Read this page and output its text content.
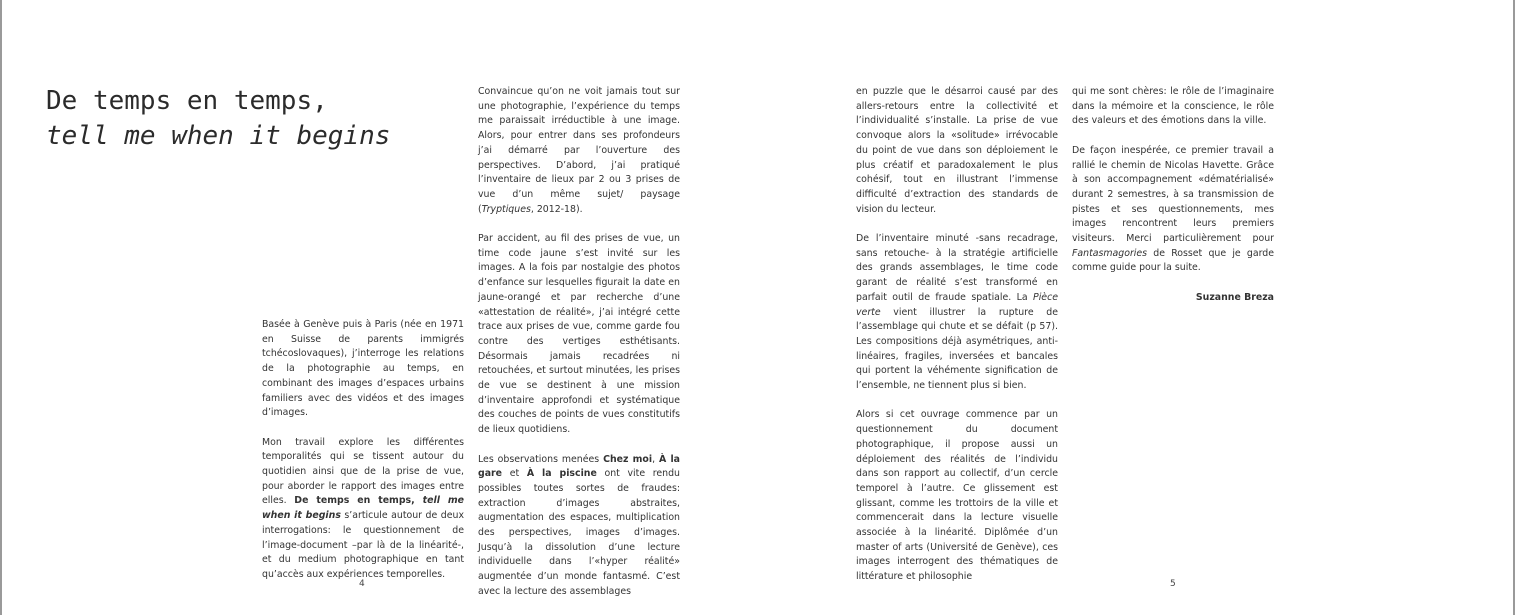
De temps en temps,
tell me when it begins

Basée à Genève puis à Paris (née en 1971 en Suisse de parents immigrés tchécoslovaques), j’interroge les relations de la photographie au temps, en combinant des images d’espaces urbains familiers avec des vidéos et des images d’images.

Mon travail explore les différentes temporalités qui se tissent autour du quotidien ainsi que de la prise de vue, pour aborder le rapport des images entre elles. De temps en temps, tell me when it begins s’articule autour de deux interrogations: le questionnement de l’image-document –par là de la linéarité-, et du medium photographique en tant qu’accès aux expériences temporelles.

Convaincue qu’on ne voit jamais tout sur une photographie, l’expérience du temps me paraissait irréductible à une image. Alors, pour entrer dans ses profondeurs j’ai démarré par l’ouverture des perspectives. D’abord, j’ai pratiqué l’inventaire de lieux par 2 ou 3 prises de vue d’un même sujet/ paysage (Tryptiques, 2012-18).

Par accident, au fil des prises de vue, un time code jaune s’est invité sur les images. A la fois par nostalgie des photos d’enfance sur lesquelles figurait la date en jaune-orangé et par recherche d’une «attestation de réalité», j’ai intégré cette trace aux prises de vue, comme garde fou contre des vertiges esthétisants. Désormais jamais recadrées ni retouchées, et surtout minutées, les prises de vue se destinent à une mission d’inventaire approfondi et systématique des couches de points de vues constitutifs de lieux quotidiens.

Les observations menées Chez moi, À la gare et À la piscine ont vite rendu possibles toutes sortes de fraudes: extraction d’images abstraites, augmentation des espaces, multiplication des perspectives, images d’images. Jusqu’à la dissolution d’une lecture individuelle dans l’«hyper réalité» augmentée d’un monde fantasmé. C’est avec la lecture des assemblages

en puzzle que le désarroi causé par des allers-retours entre la collectivité et l’individualité s’installe. La prise de vue convoque alors la «solitude» irrévocable du point de vue dans son déploiement le plus créatif et paradoxalement le plus cohésif, tout en illustrant l’immense difficulté d’extraction des standards de vision du lecteur.

De l’inventaire minuté -sans recadrage, sans retouche- à la stratégie artificielle des grands assemblages, le time code garant de réalité s’est transformé en parfait outil de fraude spatiale. La Pièce verte vient illustrer la rupture de l’assemblage qui chute et se défait (p 57). Les compositions déjà asymétriques, anti-linéaires, fragiles, inversées et bancales qui portent la véhémente signification de l’ensemble, ne tiennent plus si bien.

Alors si cet ouvrage commence par un questionnement du document photographique, il propose aussi un déploiement des réalités de l’individu dans son rapport au collectif, d’un cercle temporel à l’autre. Ce glissement est glissant, comme les trottoirs de la ville et commencerait dans la lecture visuelle associée à la linéarité. Diplômée d’un master of arts (Université de Genève), ces images interrogent des thématiques de littérature et philosophie

qui me sont chères: le rôle de l’imaginaire dans la mémoire et la conscience, le rôle des valeurs et des émotions dans la ville.

De façon inespérée, ce premier travail a rallié le chemin de Nicolas Havette. Grâce à son accompagnement «dématérialisé» durant 2 semestres, à sa transmission de pistes et ses questionnements, mes images rencontrent leurs premiers visiteurs. Merci particulièrement pour Fantasmagories de Rosset que je garde comme guide pour la suite.

Suzanne Breza
4	5
